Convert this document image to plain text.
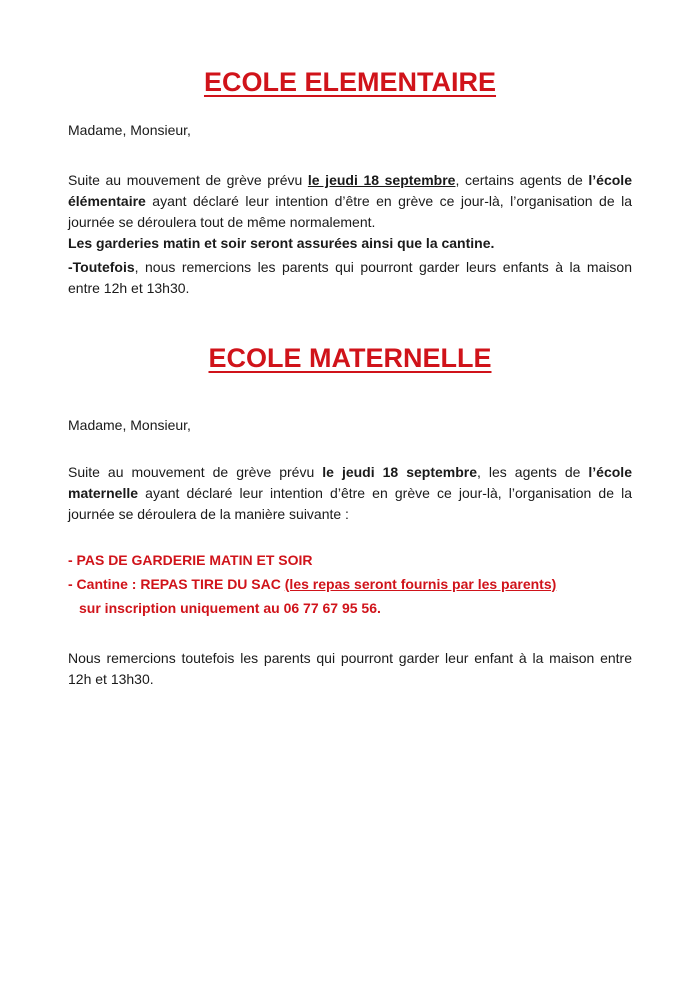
ECOLE ELEMENTAIRE

Madame, Monsieur,

Suite au mouvement de grève prévu le jeudi 18 septembre, certains agents de l’école élémentaire ayant déclaré leur intention d’être en grève ce jour-là, l’organisation de la journée se déroulera tout de même normalement.

Les garderies matin et soir seront assurées ainsi que la cantine.

-Toutefois, nous remercions les parents qui pourront garder leurs enfants à la maison entre 12h et 13h30.

ECOLE MATERNELLE

Madame, Monsieur,

Suite au mouvement de grève prévu le jeudi 18 septembre, les agents de l’école maternelle ayant déclaré leur intention d’être en grève ce jour-là, l’organisation de la journée se déroulera de la manière suivante :

- PAS DE GARDERIE MATIN ET SOIR

- Cantine : REPAS TIRE DU SAC (les repas seront fournis par les parents)

sur inscription uniquement au 06 77 67 95 56.

Nous remercions toutefois les parents qui pourront garder leur enfant à la maison entre 12h et 13h30.
